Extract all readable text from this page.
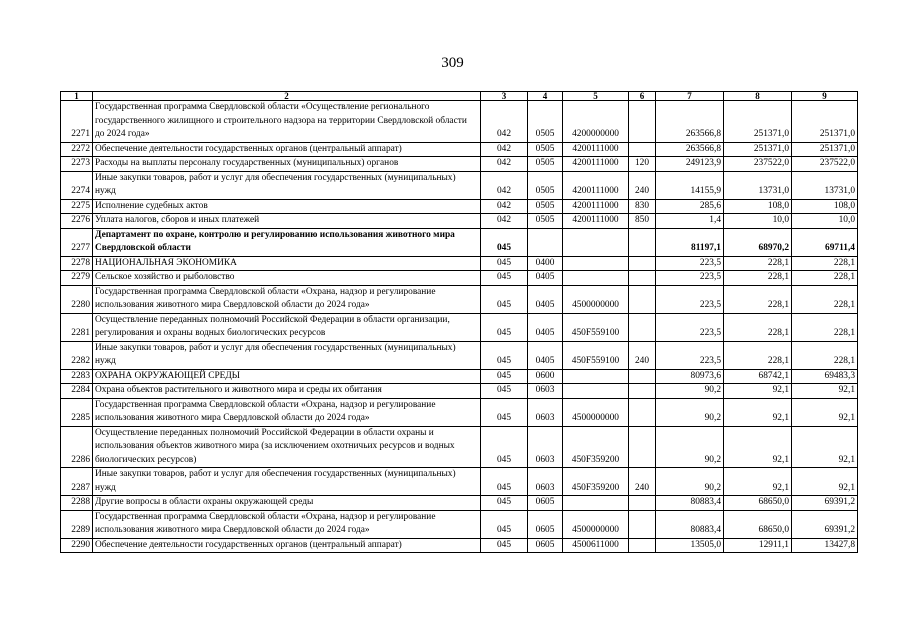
309
1	2	3	4	5	6	7	8	9
2271	Государственная программа Свердловской области «Осуществление регионального государственного жилищного и строительного надзора на территории Свердловской области до 2024 года»	042	0505	4200000000		263566,8	251371,0	251371,0
2272	Обеспечение деятельности государственных органов (центральный аппарат)	042	0505	4200111000		263566,8	251371,0	251371,0
2273	Расходы на выплаты персоналу государственных (муниципальных) органов	042	0505	4200111000	120	249123,9	237522,0	237522,0
2274	Иные закупки товаров, работ и услуг для обеспечения государственных (муниципальных) нужд	042	0505	4200111000	240	14155,9	13731,0	13731,0
2275	Исполнение судебных актов	042	0505	4200111000	830	285,6	108,0	108,0
2276	Уплата налогов, сборов и иных платежей	042	0505	4200111000	850	1,4	10,0	10,0
2277	Департамент по охране, контролю и регулированию использования животного мира Свердловской области	045				81197,1	68970,2	69711,4
2278	НАЦИОНАЛЬНАЯ ЭКОНОМИКА	045	0400			223,5	228,1	228,1
2279	Сельское хозяйство и рыболовство	045	0405			223,5	228,1	228,1
2280	Государственная программа Свердловской области «Охрана, надзор и регулирование использования животного мира Свердловской области до 2024 года»	045	0405	4500000000		223,5	228,1	228,1
2281	Осуществление переданных полномочий Российской Федерации в области организации, регулирования и охраны водных биологических ресурсов	045	0405	450F559100		223,5	228,1	228,1
2282	Иные закупки товаров, работ и услуг для обеспечения государственных (муниципальных) нужд	045	0405	450F559100	240	223,5	228,1	228,1
2283	ОХРАНА ОКРУЖАЮЩЕЙ СРЕДЫ	045	0600			80973,6	68742,1	69483,3
2284	Охрана объектов растительного и животного мира и среды их обитания	045	0603			90,2	92,1	92,1
2285	Государственная программа Свердловской области «Охрана, надзор и регулирование использования животного мира Свердловской области до 2024 года»	045	0603	4500000000		90,2	92,1	92,1
2286	Осуществление переданных полномочий Российской Федерации в области охраны и использования объектов животного мира (за исключением охотничьих ресурсов и водных биологических ресурсов)	045	0603	450F359200		90,2	92,1	92,1
2287	Иные закупки товаров, работ и услуг для обеспечения государственных (муниципальных) нужд	045	0603	450F359200	240	90,2	92,1	92,1
2288	Другие вопросы в области охраны окружающей среды	045	0605			80883,4	68650,0	69391,2
2289	Государственная программа Свердловской области «Охрана, надзор и регулирование использования животного мира Свердловской области до 2024 года»	045	0605	4500000000		80883,4	68650,0	69391,2
2290	Обеспечение деятельности государственных органов (центральный аппарат)	045	0605	4500611000		13505,0	12911,1	13427,8
